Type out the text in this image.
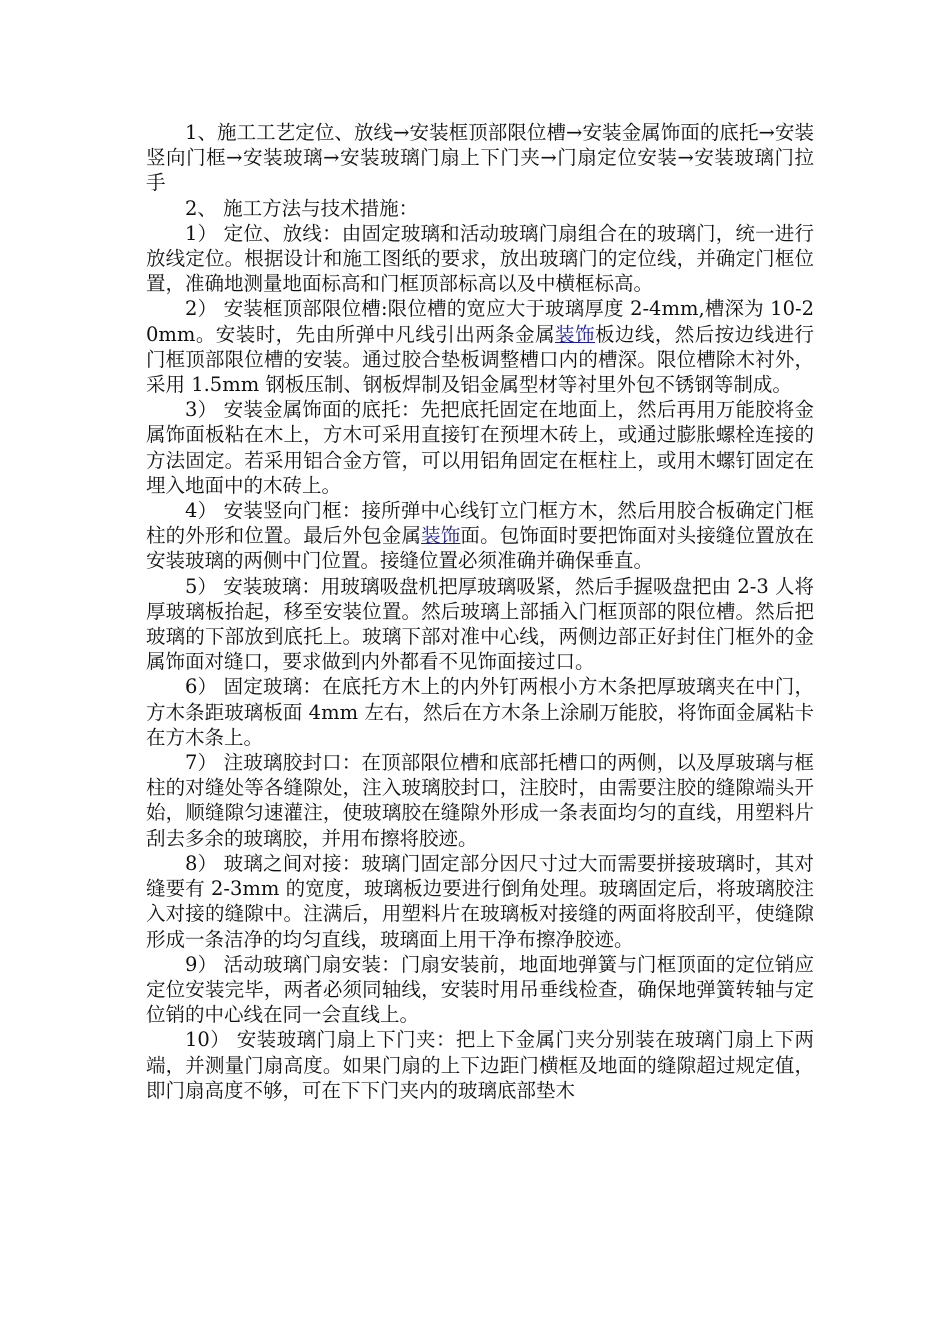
1、施工工艺定位、放线→安装框顶部限位槽→安装金属饰面的底托→安装竖向门框→安装玻璃→安装玻璃门扇上下门夹→门扇定位安装→安装玻璃门拉手

2、 施工方法与技术措施：

1） 定位、放线：由固定玻璃和活动玻璃门扇组合在的玻璃门，统一进行放线定位。根据设计和施工图纸的要求，放出玻璃门的定位线，并确定门框位置，准确地测量地面标高和门框顶部标高以及中横框标高。

2） 安装框顶部限位槽:限位槽的宽应大于玻璃厚度 2-4mm,槽深为 10-20mm。安装时，先由所弹中凡线引出两条金属装饰板边线，然后按边线进行门框顶部限位槽的安装。通过胶合垫板调整槽口内的槽深。限位槽除木衬外，采用 1.5mm 钢板压制、钢板焊制及铝金属型材等衬里外包不锈钢等制成。

3） 安装金属饰面的底托：先把底托固定在地面上，然后再用万能胶将金属饰面板粘在木上，方木可采用直接钉在预埋木砖上，或通过膨胀螺栓连接的方法固定。若采用铝合金方管，可以用铝角固定在框柱上，或用木螺钉固定在埋入地面中的木砖上。

4） 安装竖向门框：接所弹中心线钉立门框方木，然后用胶合板确定门框柱的外形和位置。最后外包金属装饰面。包饰面时要把饰面对头接缝位置放在安装玻璃的两侧中门位置。接缝位置必须准确并确保垂直。

5） 安装玻璃：用玻璃吸盘机把厚玻璃吸紧，然后手握吸盘把由 2-3 人将厚玻璃板抬起，移至安装位置。然后玻璃上部插入门框顶部的限位槽。然后把玻璃的下部放到底托上。玻璃下部对准中心线，两侧边部正好封住门框外的金属饰面对缝口，要求做到内外都看不见饰面接过口。

6） 固定玻璃：在底托方木上的内外钉两根小方木条把厚玻璃夹在中门，方木条距玻璃板面 4mm 左右，然后在方木条上涂刷万能胶，将饰面金属粘卡在方木条上。

7） 注玻璃胶封口：在顶部限位槽和底部托槽口的两侧，以及厚玻璃与框柱的对缝处等各缝隙处，注入玻璃胶封口，注胶时，由需要注胶的缝隙端头开始，顺缝隙匀速灌注，使玻璃胶在缝隙外形成一条表面均匀的直线，用塑料片刮去多余的玻璃胶，并用布擦将胶迹。

8） 玻璃之间对接：玻璃门固定部分因尺寸过大而需要拼接玻璃时，其对缝要有 2-3mm 的宽度，玻璃板边要进行倒角处理。玻璃固定后，将玻璃胶注入对接的缝隙中。注满后，用塑料片在玻璃板对接缝的两面将胶刮平，使缝隙形成一条洁净的均匀直线，玻璃面上用干净布擦净胶迹。

9） 活动玻璃门扇安装：门扇安装前，地面地弹簧与门框顶面的定位销应定位安装完毕，两者必须同轴线，安装时用吊垂线检查，确保地弹簧转轴与定位销的中心线在同一会直线上。

10） 安装玻璃门扇上下门夹：把上下金属门夹分别装在玻璃门扇上下两端，并测量门扇高度。如果门扇的上下边距门横框及地面的缝隙超过规定值，即门扇高度不够，可在下下门夹内的玻璃底部垫木
